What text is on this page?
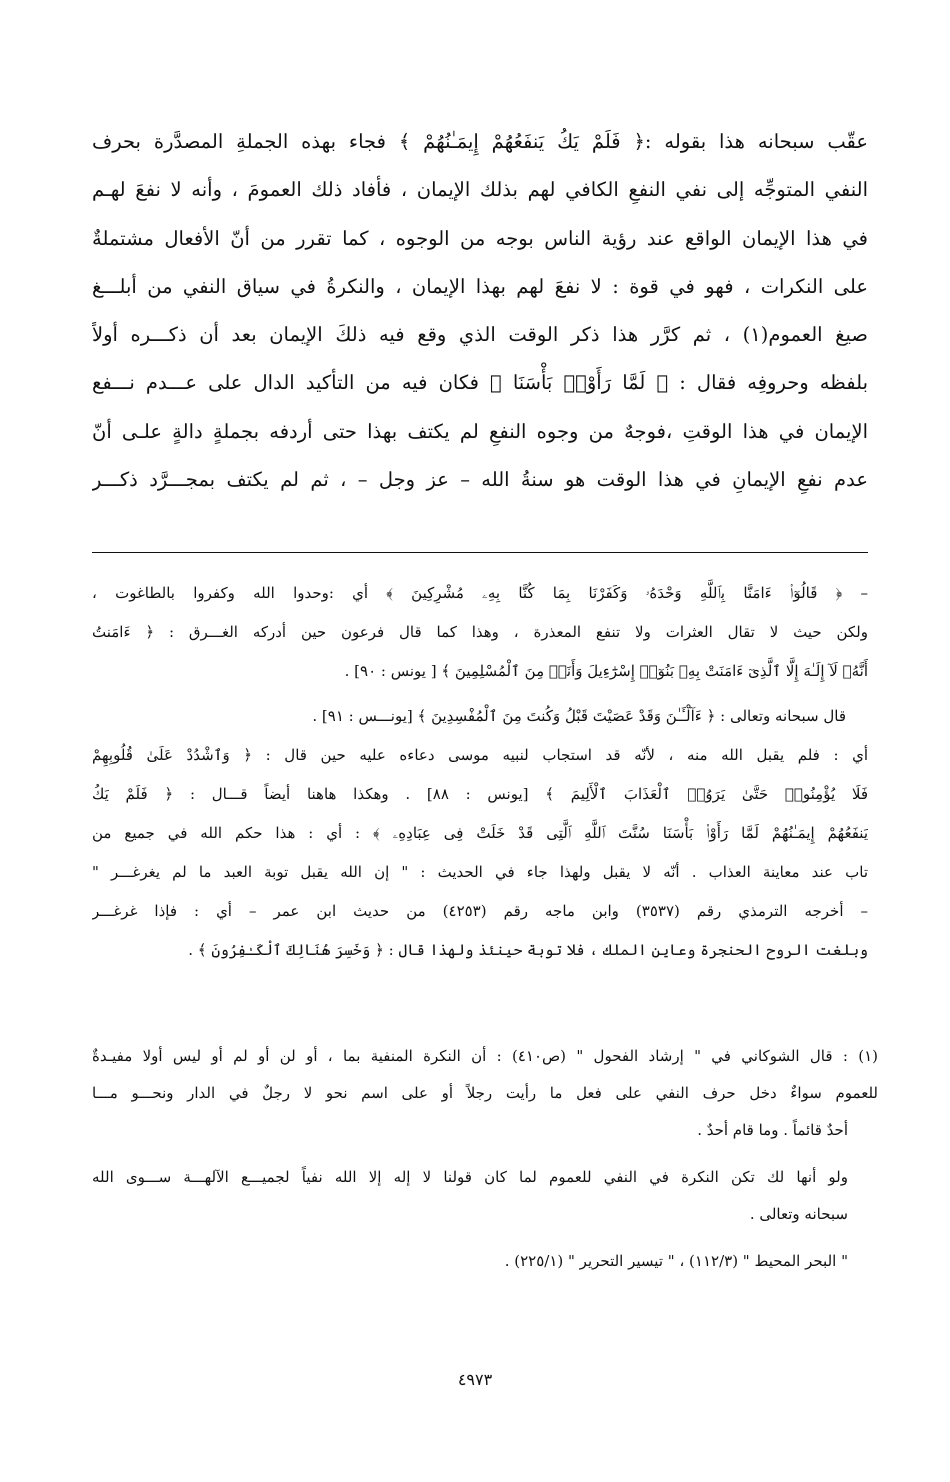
عقّب سبحانه هذا بقوله :﴿ فَلَمْ يَكُ يَنفَعُهُمْ إِيمَـٰنُهُمْ ﴾ فجاء بهذه الجملةِ المصدَّرة بحرف

النفي المتوجِّه إلى نفي النفعِ الكافي لهم بذلك الإيمان ، فأفاد ذلك العمومَ ، وأنه لا نفعَ لهـم

في هذا الإيمان الواقع عند رؤية الناس بوجه من الوجوه ، كما تقرر من أنّ الأفعال مشتملةٌ

على النكرات ، فهو في قوة : لا نفعَ لهم بهذا الإيمان ، والنكرةُ في سياق النفي من أبلـــغ

صيغ العموم(١) ، ثم كرَّر هذا ذكر الوقت الذي وقع فيه ذلكَ الإيمان بعد أن ذكـــره أولاً

بلفظه وحروفِه فقال : ﴿ لَمَّا رَأَوْا۟ بَأْسَنَا ﴾ فكان فيه من التأكيد الدال على عـــدم نـــفع

الإيمان في هذا الوقتِ ،فوجهٌ من وجوه النفعِ لم يكتف بهذا حتى أردفه بجملةٍ دالةٍ علـى أنّ

عدم نفعِ الإيمانِ في هذا الوقت هو سنةُ الله – عز وجل – ، ثم لم يكتف بمجـــرَّد ذكـــر

– ﴿ قَالُوٓا۟ ءَامَنَّا بِٱللَّهِ وَحْدَهُۥ وَكَفَرْنَا بِمَا كُنَّا بِهِۦ مُشْرِكِينَ ﴾ أي :وحدوا الله وكفروا بالطاغوت ،

ولكن حيث لا تقال العثرات ولا تنفع المعذرة ، وهذا كما قال فرعون حين أدركه الغـــرق : ﴿ ءَامَنتُ

أَنَّهُۥ لَآ إِلَـٰهَ إِلَّا ٱلَّذِىٓ ءَامَنَتْ بِهِۦ بَنُوٓا۟ إِسْرَٰٓءِيلَ وَأَنَا۠ مِنَ ٱلْمُسْلِمِينَ ﴾ [ يونس : ٩٠] .

قال سبحانه وتعالى : ﴿ ءَآلْـَٔـٰنَ وَقَدْ عَصَيْتَ قَبْلُ وَكُنتَ مِنَ ٱلْمُفْسِدِينَ ﴾ [يونـــس : ٩١] .

أي : فلم يقبل الله منه ، لأنّه قد استجاب لنبيه موسى دعاءه عليه حين قال : ﴿ وَٱشْدُدْ عَلَىٰ قُلُوبِهِمْ

فَلَا يُؤْمِنُوا۟ حَتَّىٰ يَرَوُا۟ ٱلْعَذَابَ ٱلْأَلِيمَ ﴾ [يونس : ٨٨] . وهكذا هاهنا أيضاً قـــال : ﴿ فَلَمْ يَكُ

يَنفَعُهُمْ إِيمَـٰنُهُمْ لَمَّا رَأَوْا۟ بَأْسَنَا سُنَّتَ ٱللَّهِ ٱلَّتِى قَدْ خَلَتْ فِى عِبَادِهِۦ ﴾ : أي : هذا حكم الله في جميع من

تاب عند معاينة العذاب . أنّه لا يقبل ولهذا جاء في الحديث : " إن الله يقبل توبة العبد ما لم يغرغـــر "

– أخرجه الترمذي رقم (٣٥٣٧) وابن ماجه رقم (٤٢٥٣) من حديث ابن عمر – أي : فإذا غرغـــر

وبلغت الروح الحنجرة وعاين الملك ، فلا توبة حينئذ ولهذا قال : ﴿ وَخَسِرَ هُنَالِكَ ٱلْكَـٰفِرُونَ ﴾ .

(١) : قال الشوكاني في " إرشاد الفحول " (ص٤١٠) : أن النكرة المنفية بما ، أو لن أو لم أو ليس أولا مفيـدةٌ

للعموم سواءٌ دخل حرف النفي على فعل ما رأيت رجلاً أو على اسم نحو لا رجلٌ في الدار ونحـــو مـــا

أحدٌ قائماً . وما قام أحدٌ .

ولو أنها لك تكن النكرة في النفي للعموم لما كان قولنا لا إله إلا الله نفياً لجميـــع الآلهـــة ســـوى الله

سبحانه وتعالى .

" البحر المحيط " (١١٢/٣) ، " تيسير التحرير " (٢٢٥/١) .

٤٩٧٣
